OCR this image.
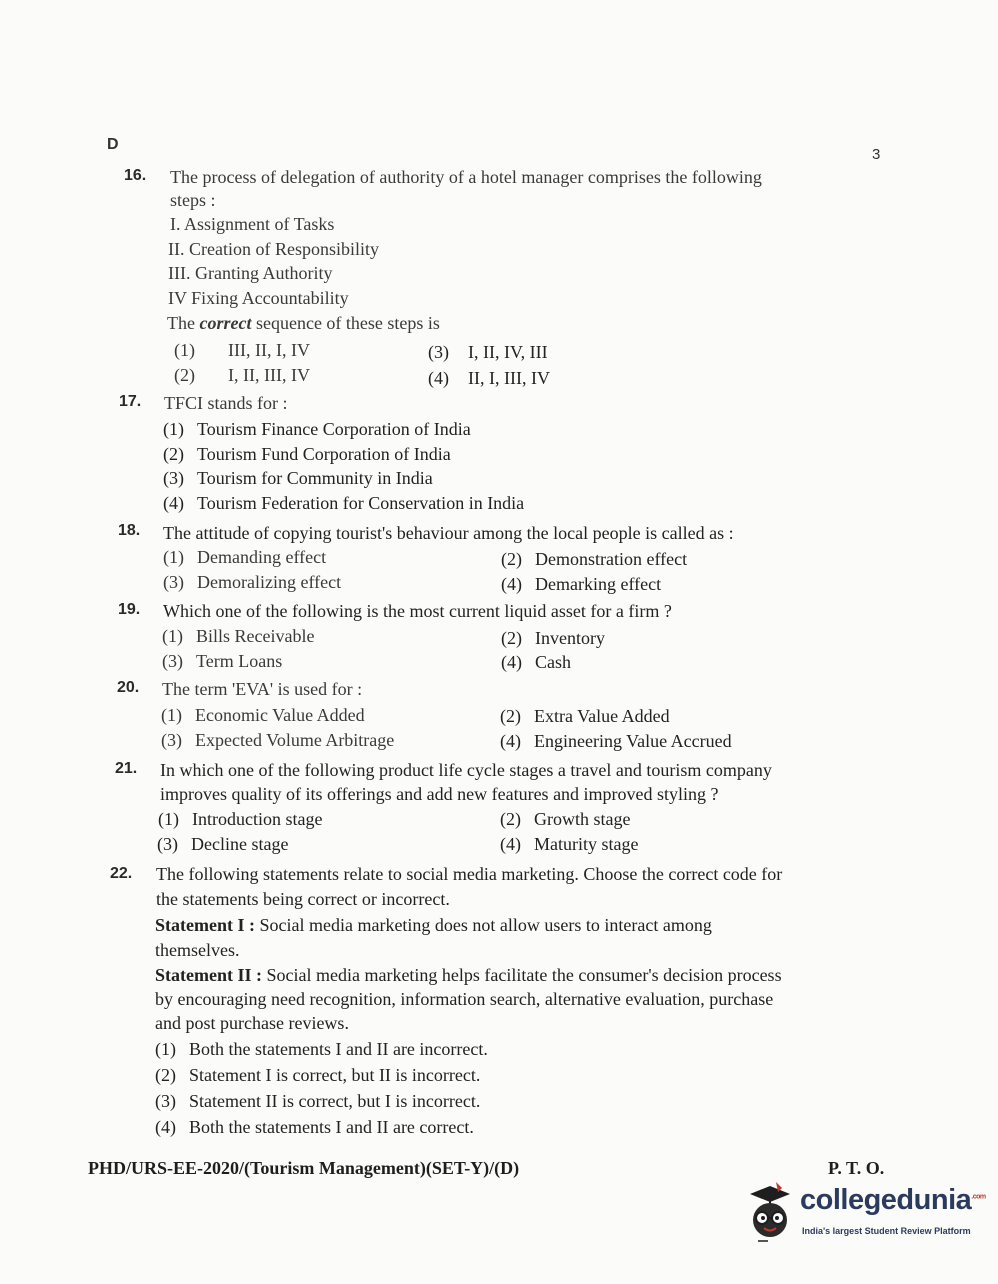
D
3
16. The process of delegation of authority of a hotel manager comprises the following
steps :
I. Assignment of Tasks
II. Creation of Responsibility
III. Granting Authority
IV Fixing Accountability
The correct sequence of these steps is
(1) III, II, I, IV
(2) I, II, III, IV
(3) I, II, IV, III
(4) II, I, III, IV
17. TFCI stands for :
(1) Tourism Finance Corporation of India
(2) Tourism Fund Corporation of India
(3) Tourism for Community in India
(4) Tourism Federation for Conservation in India
18. The attitude of copying tourist's behaviour among the local people is called as :
(1) Demanding effect	(2) Demonstration effect
(3) Demoralizing effect	(4) Demarking effect
19. Which one of the following is the most current liquid asset for a firm ?
(1) Bills Receivable	(2) Inventory
(3) Term Loans	(4) Cash
20. The term 'EVA' is used for :
(1) Economic Value Added	(2) Extra Value Added
(3) Expected Volume Arbitrage	(4) Engineering Value Accrued
21. In which one of the following product life cycle stages a travel and tourism company
improves quality of its offerings and add new features and improved styling ?
(1) Introduction stage	(2) Growth stage
(3) Decline stage	(4) Maturity stage
22. The following statements relate to social media marketing. Choose the correct code for
the statements being correct or incorrect.
Statement I : Social media marketing does not allow users to interact among
themselves.
Statement II : Social media marketing helps facilitate the consumer's decision process
by encouraging need recognition, information search, alternative evaluation, purchase
and post purchase reviews.
(1) Both the statements I and II are incorrect.
(2) Statement I is correct, but II is incorrect.
(3) Statement II is correct, but I is incorrect.
(4) Both the statements I and II are correct.
PHD/URS-EE-2020/(Tourism Management)(SET-Y)/(D)	P. T. O.
collegedunia$^{.com}$
India's largest Student Review Platform
